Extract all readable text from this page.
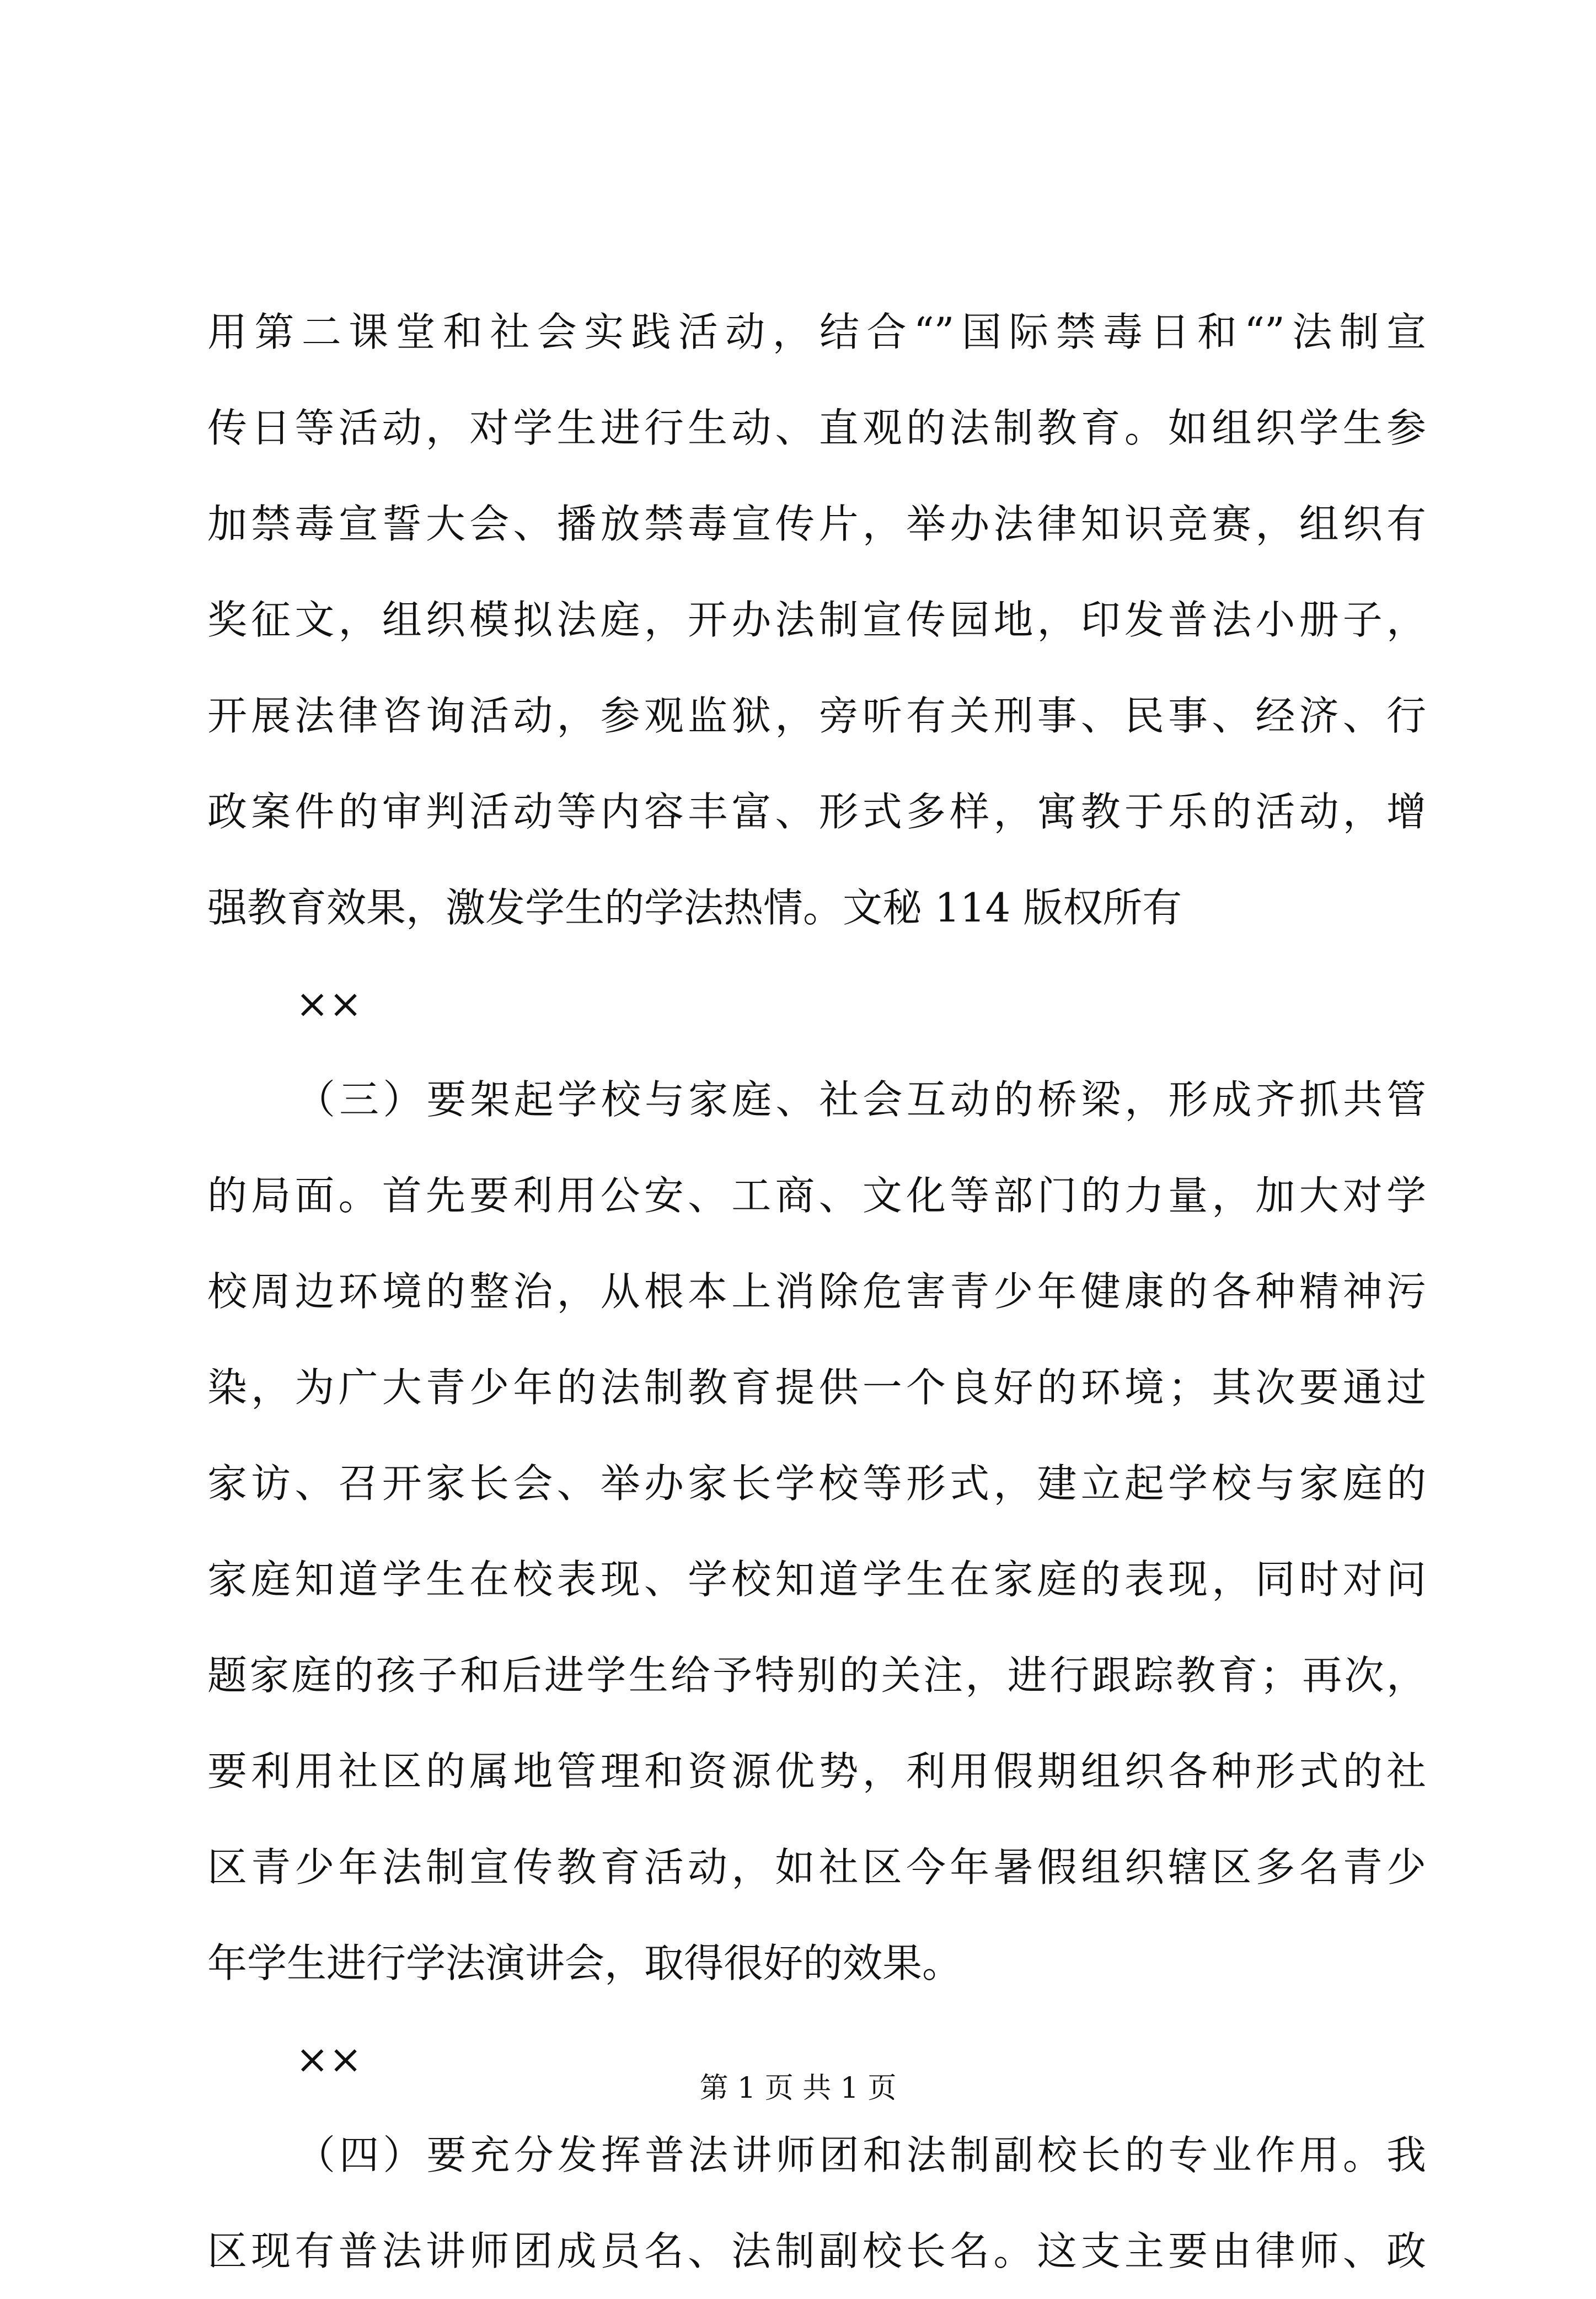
用第二课堂和社会实践活动，结合“”国际禁毒日和“”法制宣
传日等活动，对学生进行生动、直观的法制教育。如组织学生参
加禁毒宣誓大会、播放禁毒宣传片，举办法律知识竞赛，组织有
奖征文，组织模拟法庭，开办法制宣传园地，印发普法小册子，
开展法律咨询活动，参观监狱，旁听有关刑事、民事、经济、行
政案件的审判活动等内容丰富、形式多样，寓教于乐的活动，增
强教育效果，激发学生的学法热情。文秘 114 版权所有
××
（三）要架起学校与家庭、社会互动的桥梁，形成齐抓共管
的局面。首先要利用公安、工商、文化等部门的力量，加大对学
校周边环境的整治，从根本上消除危害青少年健康的各种精神污
染，为广大青少年的法制教育提供一个良好的环境；其次要通过
家访、召开家长会、举办家长学校等形式，建立起学校与家庭的
家庭知道学生在校表现、学校知道学生在家庭的表现，同时对问
题家庭的孩子和后进学生给予特别的关注，进行跟踪教育；再次，
要利用社区的属地管理和资源优势，利用假期组织各种形式的社
区青少年法制宣传教育活动，如社区今年暑假组织辖区多名青少
年学生进行学法演讲会，取得很好的效果。
××
（四）要充分发挥普法讲师团和法制副校长的专业作用。我
区现有普法讲师团成员名、法制副校长名。这支主要由律师、政
第 1 页 共 1 页
